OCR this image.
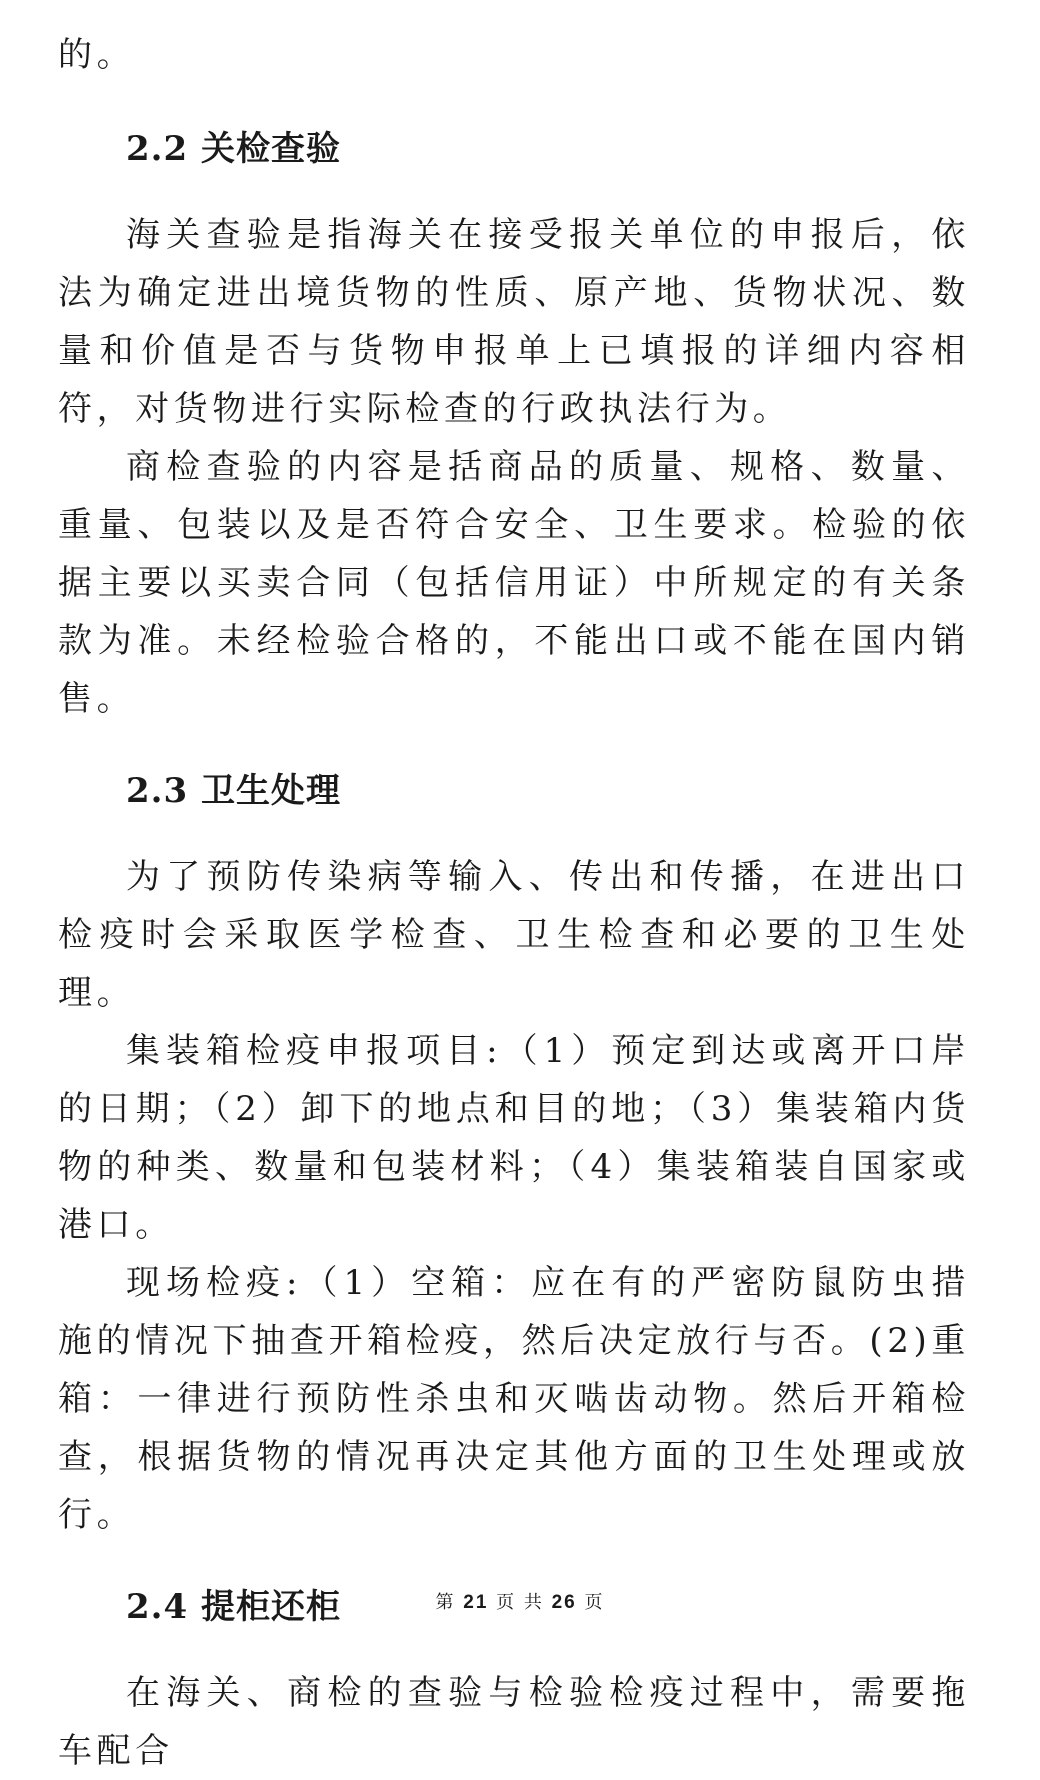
的。

2.2 关检查验

海关查验是指海关在接受报关单位的申报后，依法为确定进出境货物的性质、原产地、货物状况、数量和价值是否与货物申报单上已填报的详细内容相符，对货物进行实际检查的行政执法行为。

商检查验的内容是括商品的质量、规格、数量、重量、包装以及是否符合安全、卫生要求。检验的依据主要以买卖合同（包括信用证）中所规定的有关条款为准。未经检验合格的，不能出口或不能在国内销售。

2.3 卫生处理

为了预防传染病等输入、传出和传播，在进出口检疫时会采取医学检查、卫生检查和必要的卫生处理。

集装箱检疫申报项目:（1）预定到达或离开口岸的日期；（2）卸下的地点和目的地；（3）集装箱内货物的种类、数量和包装材料；（4）集装箱装自国家或港口。

现场检疫:（1）空箱：应在有的严密防鼠防虫措施的情况下抽查开箱检疫，然后决定放行与否。(2)重箱：一律进行预防性杀虫和灭啮齿动物。然后开箱检查，根据货物的情况再决定其他方面的卫生处理或放行。

2.4 提柜还柜

在海关、商检的查验与检验检疫过程中，需要拖车配合

第 21 页 共 26 页
